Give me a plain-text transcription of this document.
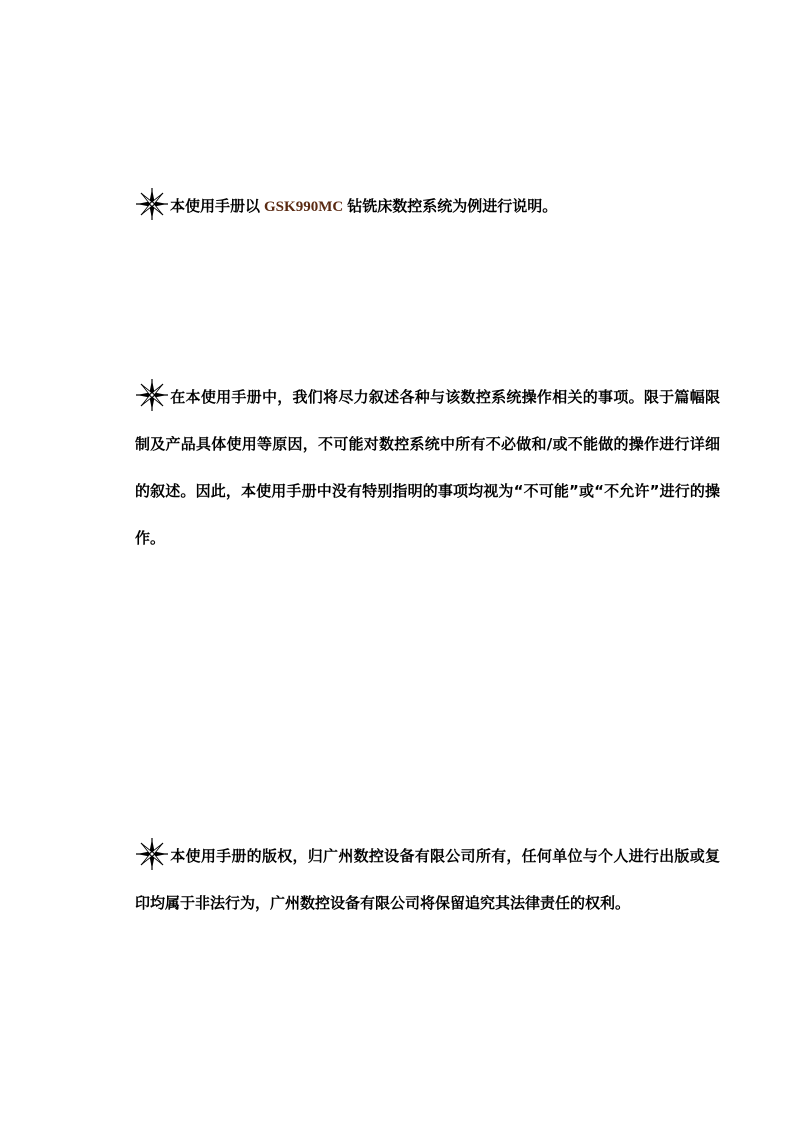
本使用手册以 GSK990MC 钻铣床数控系统为例进行说明。

在本使用手册中，我们将尽力叙述各种与该数控系统操作相关的事项。限于篇幅限制及产品具体使用等原因，不可能对数控系统中所有不必做和/或不能做的操作进行详细的叙述。因此，本使用手册中没有特别指明的事项均视为“不可能”或“不允许”进行的操作。

本使用手册的版权，归广州数控设备有限公司所有，任何单位与个人进行出版或复印均属于非法行为，广州数控设备有限公司将保留追究其法律责任的权利。
